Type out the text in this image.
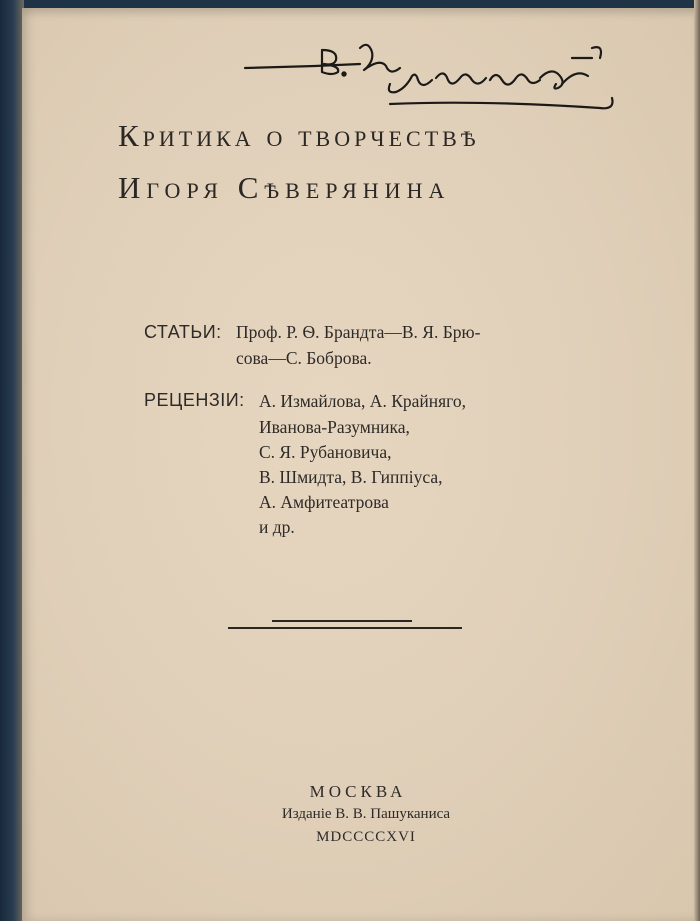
Критика о творчествѣ
Игоря Сѣверянина
СТАТЬИ: Проф. Р. Ѳ. Брандта—В. Я. Брю-
сова—С. Боброва.
РЕЦЕНЗІИ: А. Измайлова, А. Крайняго,
Иванова-Разумника,
С. Я. Рубановича,
В. Шмидта, В. Гиппіуса,
А. Амфитеатрова
и др.
МОСКВА
Изданіе В. В. Пашуканиса
MDCCCCXVI
